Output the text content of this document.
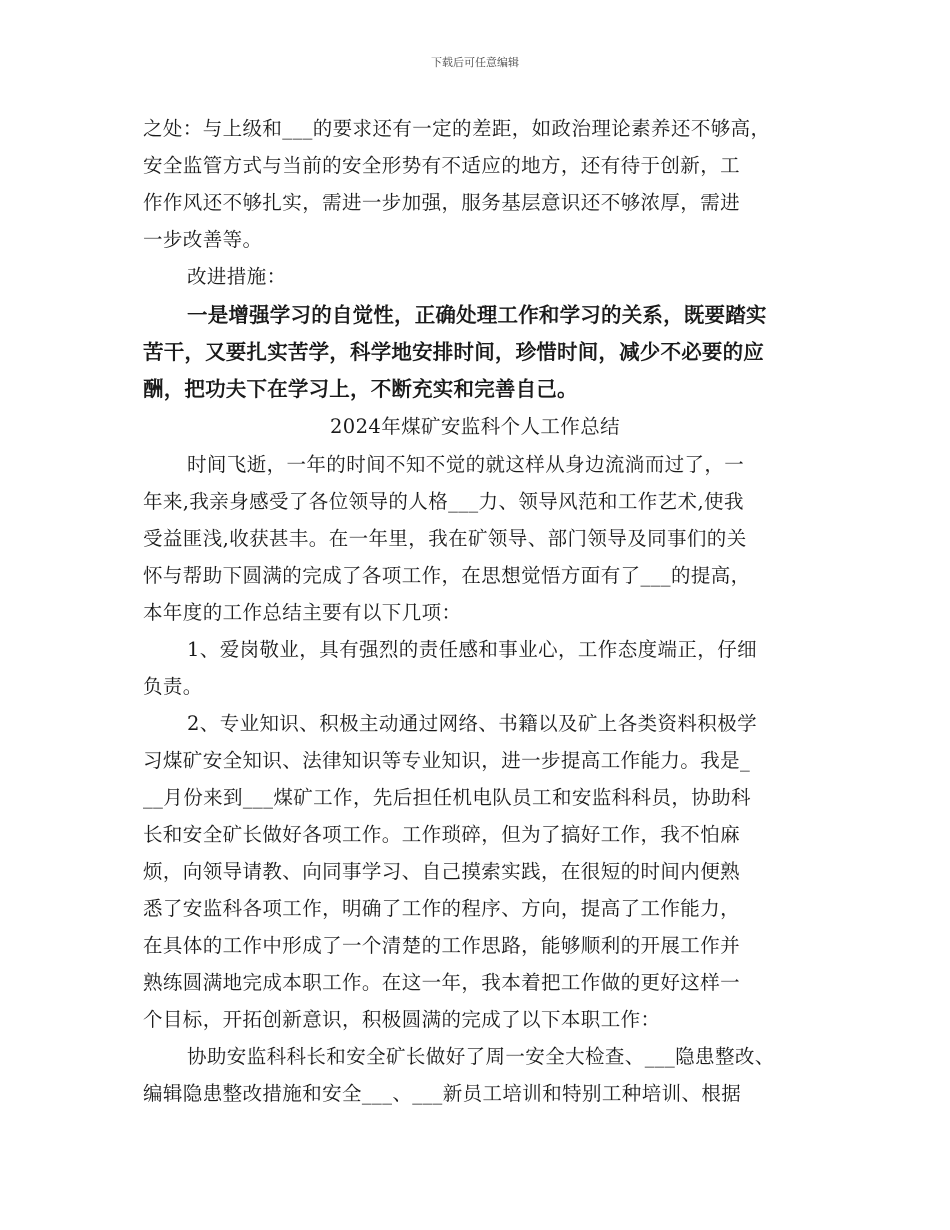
下载后可任意编辑
之处：与上级和___的要求还有一定的差距，如政治理论素养还不够高，
安全监管方式与当前的安全形势有不适应的地方，还有待于创新，工
作作风还不够扎实，需进一步加强，服务基层意识还不够浓厚，需进
一步改善等。
改进措施：
一是增强学习的自觉性，正确处理工作和学习的关系，既要踏实
苦干，又要扎实苦学，科学地安排时间，珍惜时间，减少不必要的应
酬，把功夫下在学习上，不断充实和完善自己。
2024年煤矿安监科个人工作总结
时间飞逝，一年的时间不知不觉的就这样从身边流淌而过了，一
年来,我亲身感受了各位领导的人格___力、领导风范和工作艺术,使我
受益匪浅,收获甚丰。在一年里，我在矿领导、部门领导及同事们的关
怀与帮助下圆满的完成了各项工作，在思想觉悟方面有了___的提高，
本年度的工作总结主要有以下几项：
1、爱岗敬业，具有强烈的责任感和事业心，工作态度端正，仔细
负责。
2、专业知识、积极主动通过网络、书籍以及矿上各类资料积极学
习煤矿安全知识、法律知识等专业知识，进一步提高工作能力。我是_
__月份来到___煤矿工作，先后担任机电队员工和安监科科员，协助科
长和安全矿长做好各项工作。工作琐碎，但为了搞好工作，我不怕麻
烦，向领导请教、向同事学习、自己摸索实践，在很短的时间内便熟
悉了安监科各项工作，明确了工作的程序、方向，提高了工作能力，
在具体的工作中形成了一个清楚的工作思路，能够顺利的开展工作并
熟练圆满地完成本职工作。在这一年，我本着把工作做的更好这样一
个目标，开拓创新意识，积极圆满的完成了以下本职工作：
协助安监科科长和安全矿长做好了周一安全大检查、___隐患整改、
编辑隐患整改措施和安全___、___新员工培训和特别工种培训、根据
